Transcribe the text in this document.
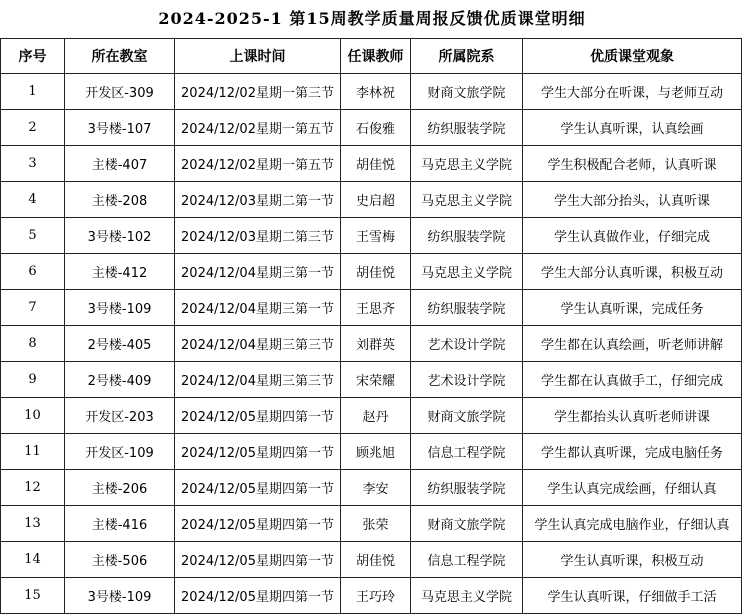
2024-2025-1 第15周教学质量周报反馈优质课堂明细
序号	所在教室	上课时间	任课教师	所属院系	优质课堂观象
1	开发区-309	2024/12/02星期一第三节	李林祝	财商文旅学院	学生大部分在听课，与老师互动
2	3号楼-107	2024/12/02星期一第五节	石俊雅	纺织服装学院	学生认真听课，认真绘画
3	主楼-407	2024/12/02星期一第五节	胡佳悦	马克思主义学院	学生积极配合老师，认真听课
4	主楼-208	2024/12/03星期二第一节	史启超	马克思主义学院	学生大部分抬头，认真听课
5	3号楼-102	2024/12/03星期二第三节	王雪梅	纺织服装学院	学生认真做作业，仔细完成
6	主楼-412	2024/12/04星期三第一节	胡佳悦	马克思主义学院	学生大部分认真听课，积极互动
7	3号楼-109	2024/12/04星期三第一节	王思齐	纺织服装学院	学生认真听课，完成任务
8	2号楼-405	2024/12/04星期三第三节	刘群英	艺术设计学院	学生都在认真绘画，听老师讲解
9	2号楼-409	2024/12/04星期三第三节	宋荣耀	艺术设计学院	学生都在认真做手工，仔细完成
10	开发区-203	2024/12/05星期四第一节	赵丹	财商文旅学院	学生都抬头认真听老师讲课
11	开发区-109	2024/12/05星期四第一节	顾兆旭	信息工程学院	学生都认真听课，完成电脑任务
12	主楼-206	2024/12/05星期四第一节	李安	纺织服装学院	学生认真完成绘画，仔细认真
13	主楼-416	2024/12/05星期四第一节	张荣	财商文旅学院	学生认真完成电脑作业，仔细认真
14	主楼-506	2024/12/05星期四第一节	胡佳悦	信息工程学院	学生认真听课，积极互动
15	3号楼-109	2024/12/05星期四第一节	王巧玲	马克思主义学院	学生认真听课，仔细做手工活
